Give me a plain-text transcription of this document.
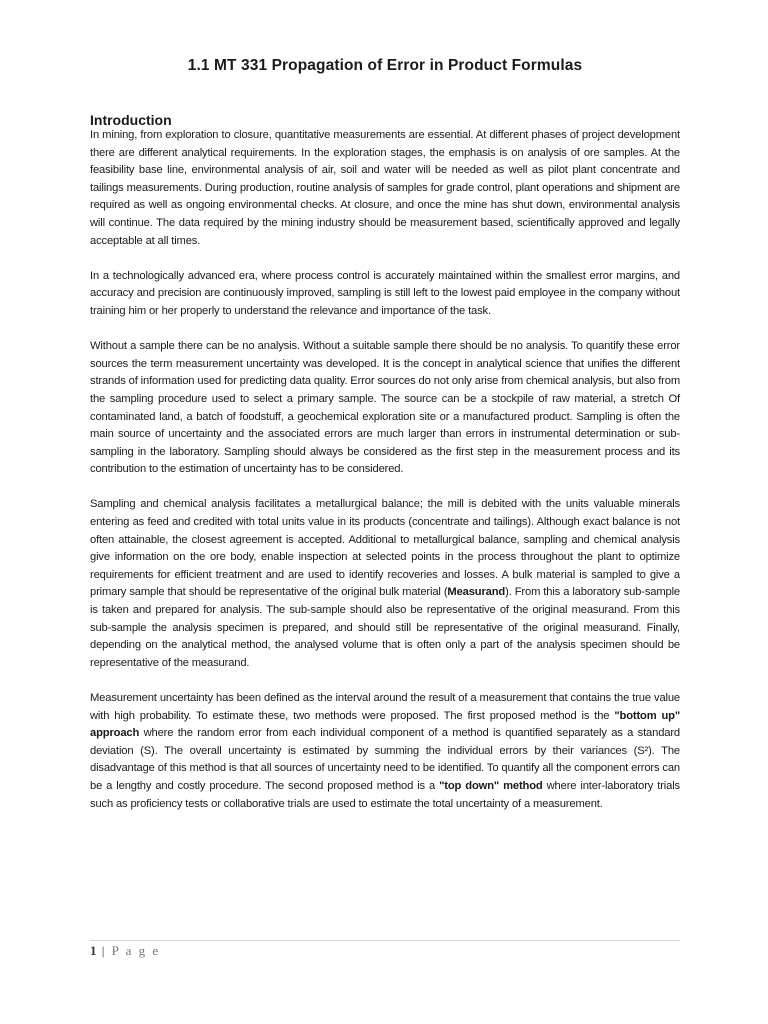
1.1 MT 331 Propagation of Error in Product Formulas
Introduction

In mining, from exploration to closure, quantitative measurements are essential. At different phases of project development there are different analytical requirements. In the exploration stages, the emphasis is on analysis of ore samples. At the feasibility base line, environmental analysis of air, soil and water will be needed as well as pilot plant concentrate and tailings measurements. During production, routine analysis of samples for grade control, plant operations and shipment are required as well as ongoing environmental checks. At closure, and once the mine has shut down, environmental analysis will continue. The data required by the mining industry should be measurement based, scientifically approved and legally acceptable at all times.

In a technologically advanced era, where process control is accurately maintained within the smallest error margins, and accuracy and precision are continuously improved, sampling is still left to the lowest paid employee in the company without training him or her properly to understand the relevance and importance of the task.

Without a sample there can be no analysis. Without a suitable sample there should be no analysis. To quantify these error sources the term measurement uncertainty was developed. It is the concept in analytical science that unifies the different strands of information used for predicting data quality. Error sources do not only arise from chemical analysis, but also from the sampling procedure used to select a primary sample. The source can be a stockpile of raw material, a stretch Of contaminated land, a batch of foodstuff, a geochemical exploration site or a manufactured product. Sampling is often the main source of uncertainty and the associated errors are much larger than errors in instrumental determination or sub-sampling in the laboratory. Sampling should always be considered as the first step in the measurement process and its contribution to the estimation of uncertainty has to be considered.

Sampling and chemical analysis facilitates a metallurgical balance; the mill is debited with the units valuable minerals entering as feed and credited with total units value in its products (concentrate and tailings). Although exact balance is not often attainable, the closest agreement is accepted. Additional to metallurgical balance, sampling and chemical analysis give information on the ore body, enable inspection at selected points in the process throughout the plant to optimize requirements for efficient treatment and are used to identify recoveries and losses. A bulk material is sampled to give a primary sample that should be representative of the original bulk material (Measurand). From this a laboratory sub-sample is taken and prepared for analysis. The sub-sample should also be representative of the original measurand. From this sub-sample the analysis specimen is prepared, and should still be representative of the original measurand. Finally, depending on the analytical method, the analysed volume that is often only a part of the analysis specimen should be representative of the measurand.

Measurement uncertainty has been defined as the interval around the result of a measurement that contains the true value with high probability. To estimate these, two methods were proposed. The first proposed method is the "bottom up" approach where the random error from each individual component of a method is quantified separately as a standard deviation (S). The overall uncertainty is estimated by summing the individual errors by their variances (S²). The disadvantage of this method is that all sources of uncertainty need to be identified. To quantify all the component errors can be a lengthy and costly procedure. The second proposed method is a "top down" method where inter-laboratory trials such as proficiency tests or collaborative trials are used to estimate the total uncertainty of a measurement.

1 | P a g e
